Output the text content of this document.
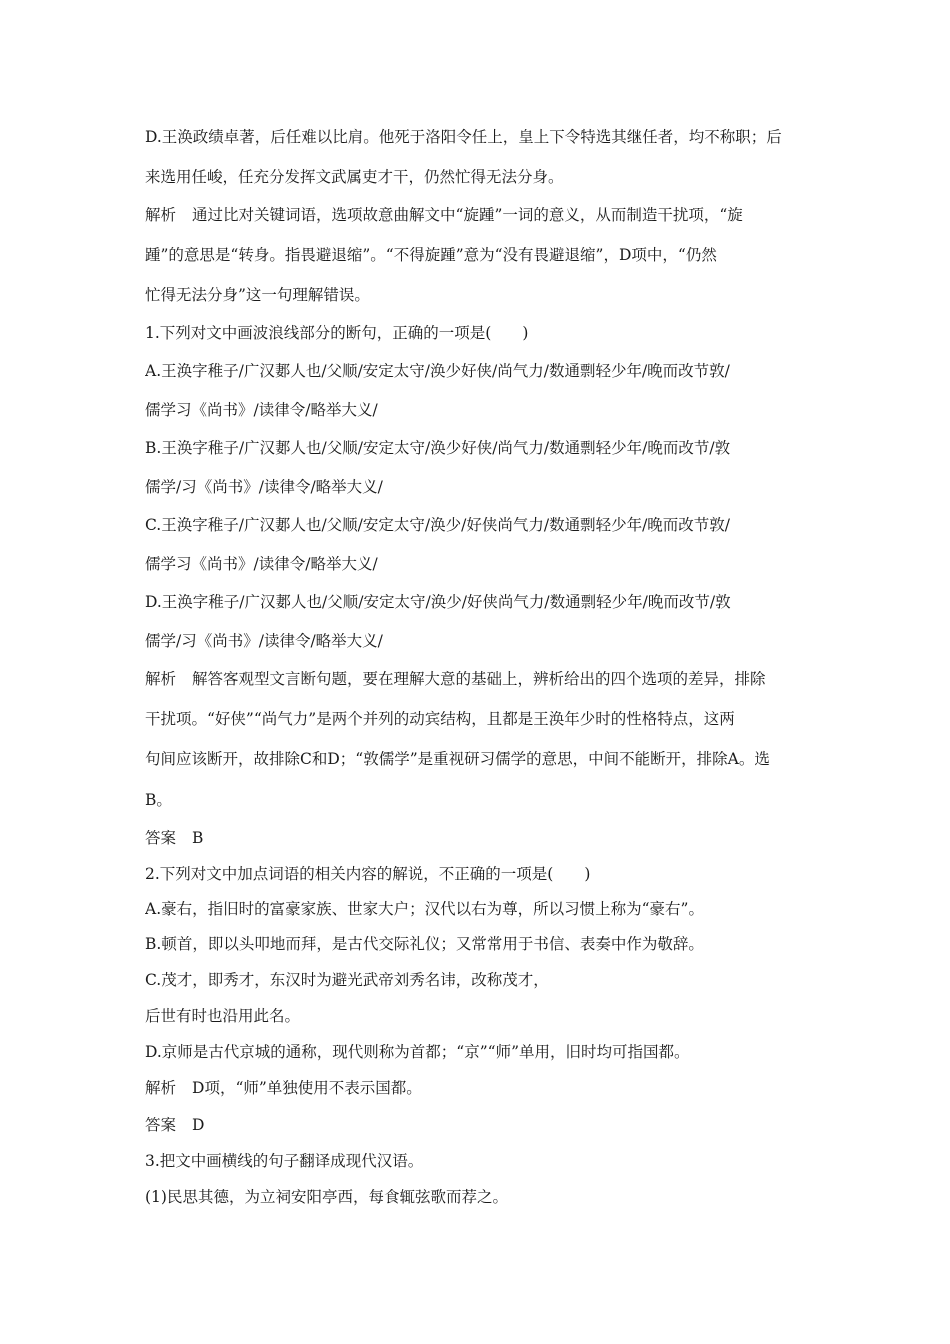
D.王涣政绩卓著，后任难以比肩。他死于洛阳令任上，皇上下令特选其继任者，均不称职；后
来选用任峻，任充分发挥文武属吏才干，仍然忙得无法分身。
解析 通过比对关键词语，选项故意曲解文中“旋踵”一词的意义，从而制造干扰项，“旋
踵”的意思是“转身。指畏避退缩”。“不得旋踵”意为“没有畏避退缩”，D项中，“仍然
忙得无法分身”这一句理解错误。
1.下列对文中画波浪线部分的断句，正确的一项是(　　)
A.王涣字稚子/广汉郪人也/父顺/安定太守/涣少好侠/尚气力/数通剽轻少年/晚而改节敦/
儒学习《尚书》/读律令/略举大义/
B.王涣字稚子/广汉郪人也/父顺/安定太守/涣少好侠/尚气力/数通剽轻少年/晚而改节/敦
儒学/习《尚书》/读律令/略举大义/
C.王涣字稚子/广汉郪人也/父顺/安定太守/涣少/好侠尚气力/数通剽轻少年/晚而改节敦/
儒学习《尚书》/读律令/略举大义/
D.王涣字稚子/广汉郪人也/父顺/安定太守/涣少/好侠尚气力/数通剽轻少年/晚而改节/敦
儒学/习《尚书》/读律令/略举大义/
解析 解答客观型文言断句题，要在理解大意的基础上，辨析给出的四个选项的差异，排除
干扰项。“好侠”“尚气力”是两个并列的动宾结构，且都是王涣年少时的性格特点，这两
句间应该断开，故排除C和D；“敦儒学”是重视研习儒学的意思，中间不能断开，排除A。选
B。
答案 B
2.下列对文中加点词语的相关内容的解说，不正确的一项是(　　)
A.豪右，指旧时的富豪家族、世家大户；汉代以右为尊，所以习惯上称为“豪右”。
B.顿首，即以头叩地而拜，是古代交际礼仪；又常常用于书信、表奏中作为敬辞。
C.茂才，即秀才，东汉时为避光武帝刘秀名讳，改称茂才，
后世有时也沿用此名。
D.京师是古代京城的通称，现代则称为首都；“京”“师”单用，旧时均可指国都。
解析 D项，“师”单独使用不表示国都。
答案 D
3.把文中画横线的句子翻译成现代汉语。
(1)民思其德，为立祠安阳亭西，每食辄弦歌而荐之。
